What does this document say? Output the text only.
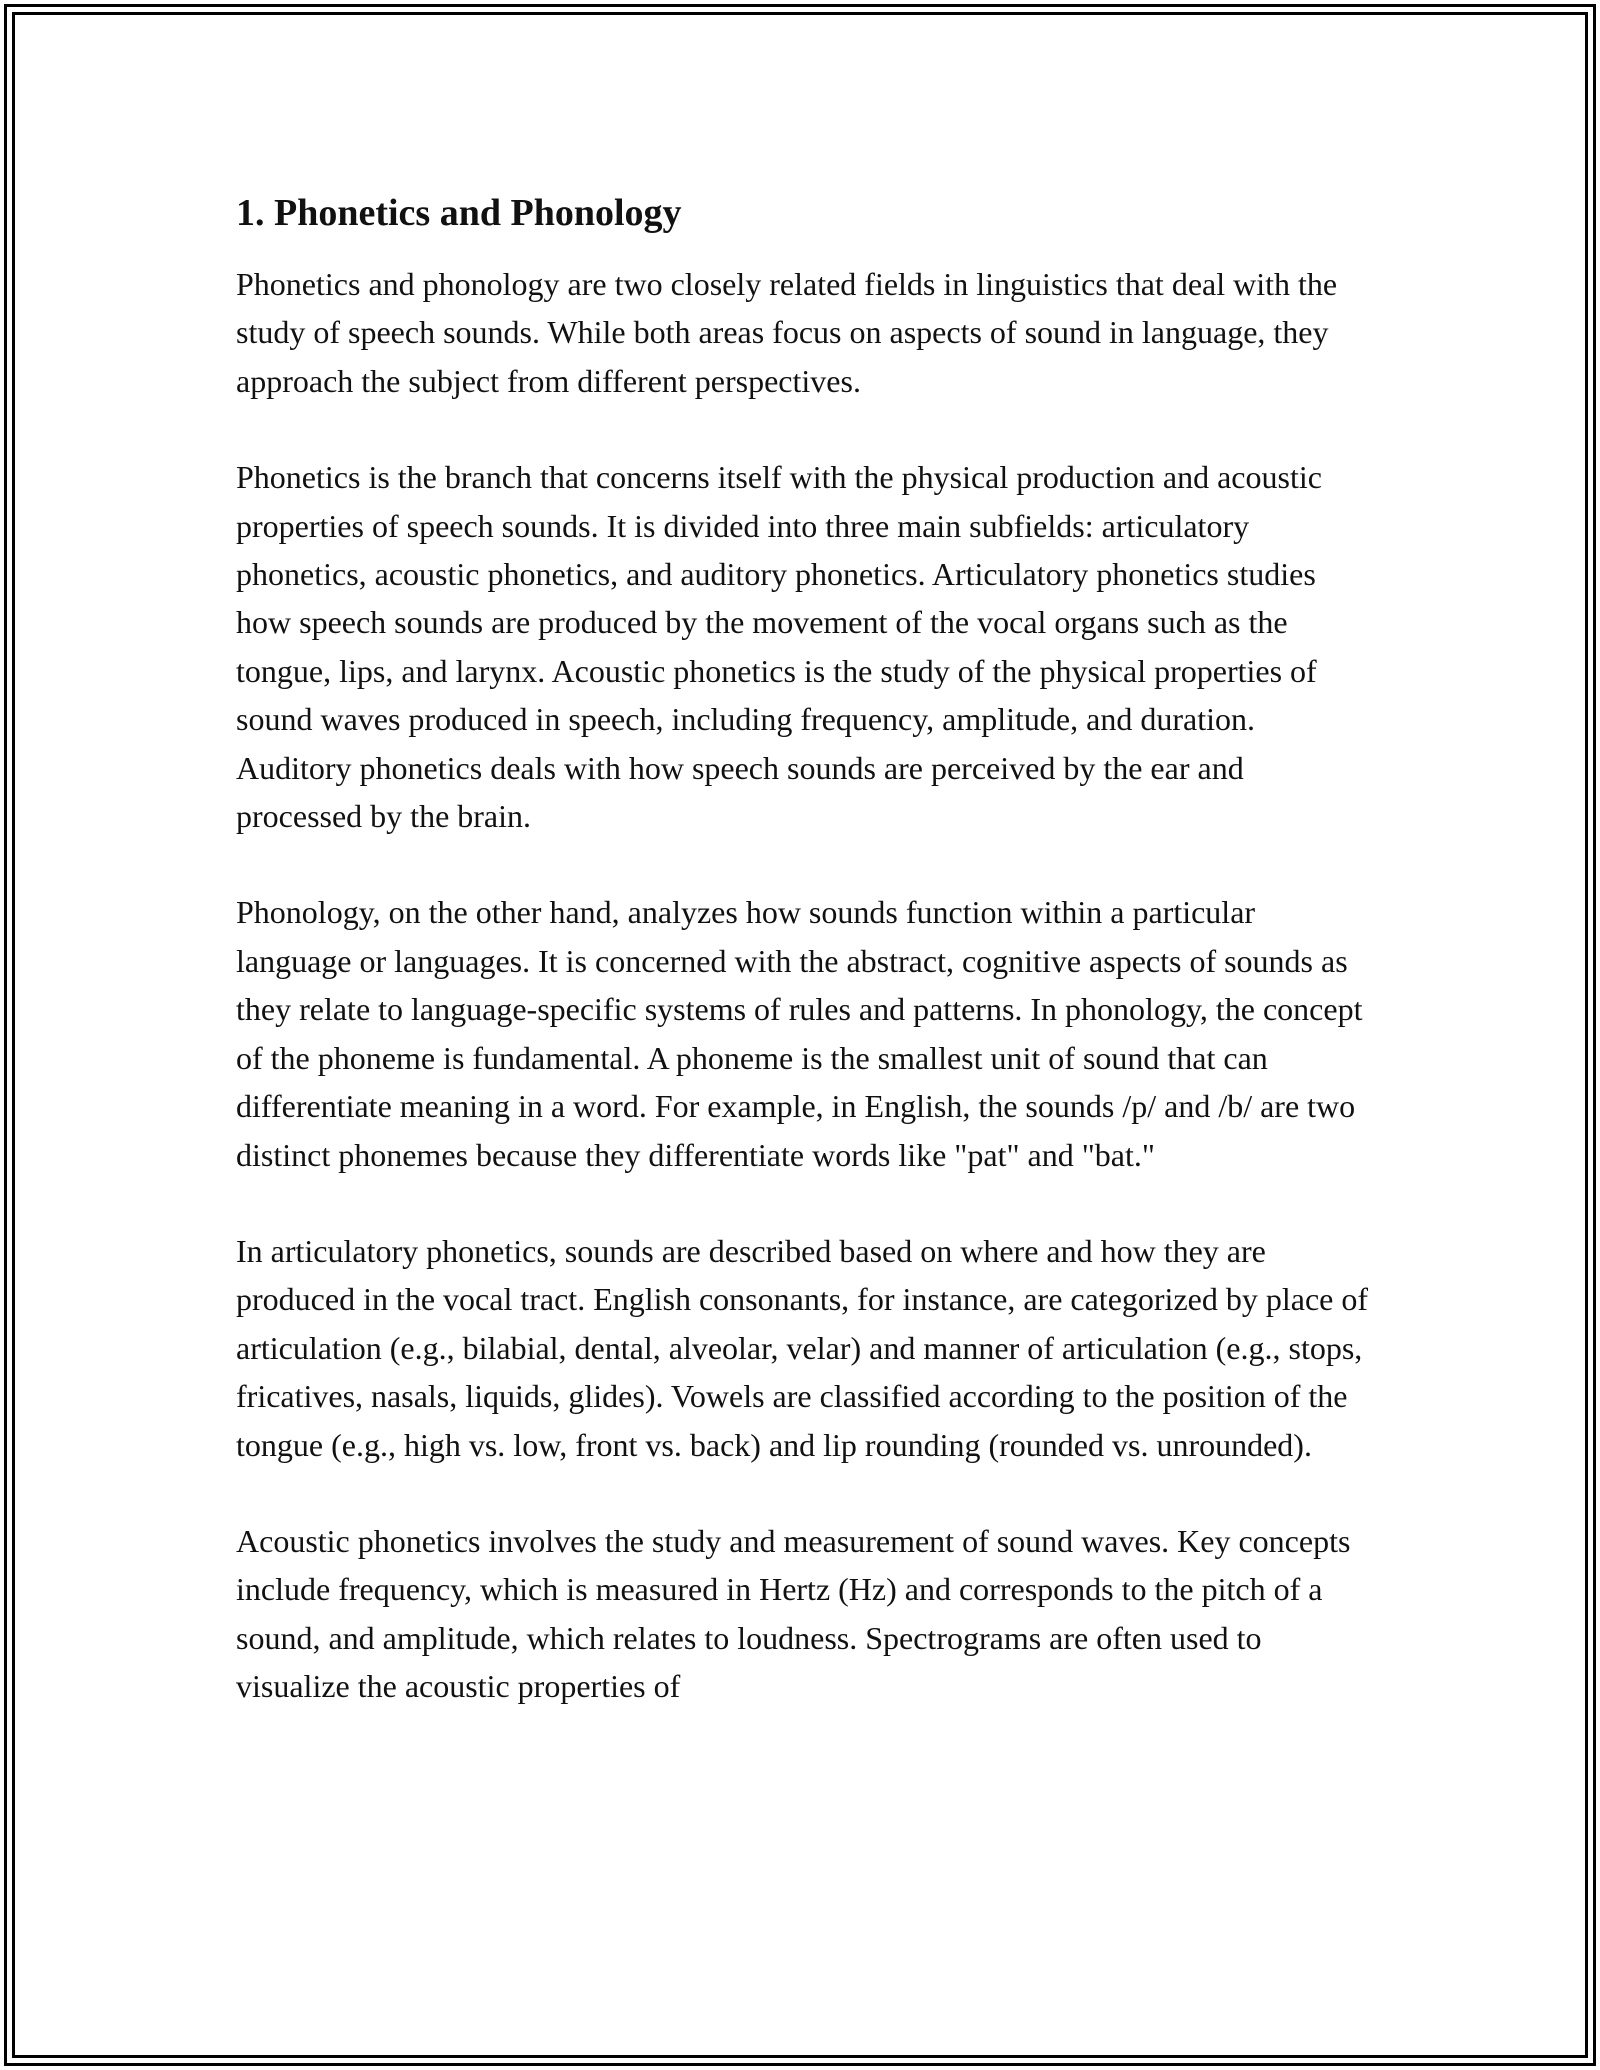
1. Phonetics and Phonology

Phonetics and phonology are two closely related fields in linguistics that deal with the study of speech sounds. While both areas focus on aspects of sound in language, they approach the subject from different perspectives.

Phonetics is the branch that concerns itself with the physical production and acoustic properties of speech sounds. It is divided into three main subfields: articulatory phonetics, acoustic phonetics, and auditory phonetics. Articulatory phonetics studies how speech sounds are produced by the movement of the vocal organs such as the tongue, lips, and larynx. Acoustic phonetics is the study of the physical properties of sound waves produced in speech, including frequency, amplitude, and duration. Auditory phonetics deals with how speech sounds are perceived by the ear and processed by the brain.

Phonology, on the other hand, analyzes how sounds function within a particular language or languages. It is concerned with the abstract, cognitive aspects of sounds as they relate to language-specific systems of rules and patterns. In phonology, the concept of the phoneme is fundamental. A phoneme is the smallest unit of sound that can differentiate meaning in a word. For example, in English, the sounds /p/ and /b/ are two distinct phonemes because they differentiate words like "pat" and "bat."

In articulatory phonetics, sounds are described based on where and how they are produced in the vocal tract. English consonants, for instance, are categorized by place of articulation (e.g., bilabial, dental, alveolar, velar) and manner of articulation (e.g., stops, fricatives, nasals, liquids, glides). Vowels are classified according to the position of the tongue (e.g., high vs. low, front vs. back) and lip rounding (rounded vs. unrounded).

Acoustic phonetics involves the study and measurement of sound waves. Key concepts include frequency, which is measured in Hertz (Hz) and corresponds to the pitch of a sound, and amplitude, which relates to loudness. Spectrograms are often used to visualize the acoustic properties of
